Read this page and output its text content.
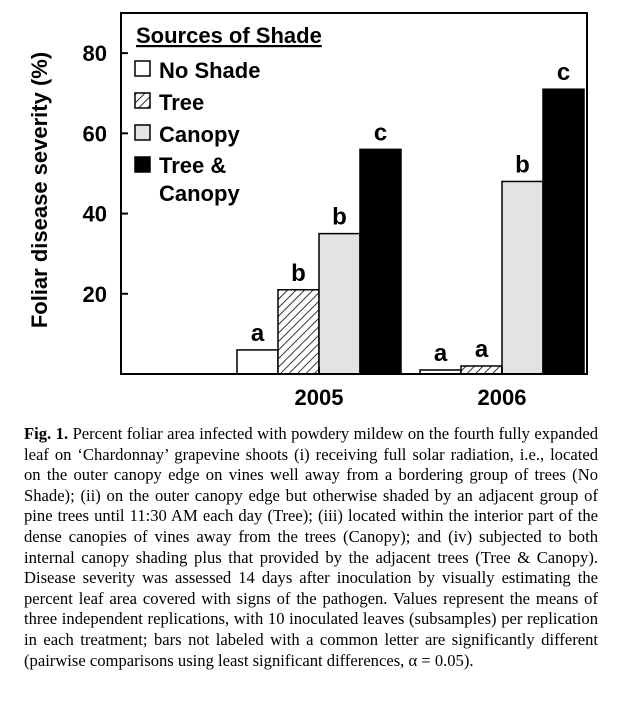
Foliar disease severity (%) 20
40
60
80
a
b
b
c
a a
b
c
2005	2006
Sources of Shade
No Shade
Tree
Canopy
Tree &
Canopy
Fig. 1. Percent foliar area infected with powdery mildew on the fourth fully expanded leaf on ‘Chardonnay’ grapevine shoots (i) receiving full solar radiation, i.e., located on the outer canopy edge on vines well away from a bordering group of trees (No Shade); (ii) on the outer canopy edge but otherwise shaded by an adjacent group of pine trees until 11:30 AM each day (Tree); (iii) located within the interior part of the dense canopies of vines away from the trees (Canopy); and (iv) subjected to both internal canopy shading plus that provided by the adjacent trees (Tree & Canopy). Disease severity was assessed 14 days after inoculation by visually estimating the percent leaf area covered with signs of the pathogen. Values represent the means of three independent replications, with 10 inoculated leaves (subsamples) per replication in each treatment; bars not labeled with a common letter are significantly different (pairwise comparisons using least significant differences, α = 0.05).
